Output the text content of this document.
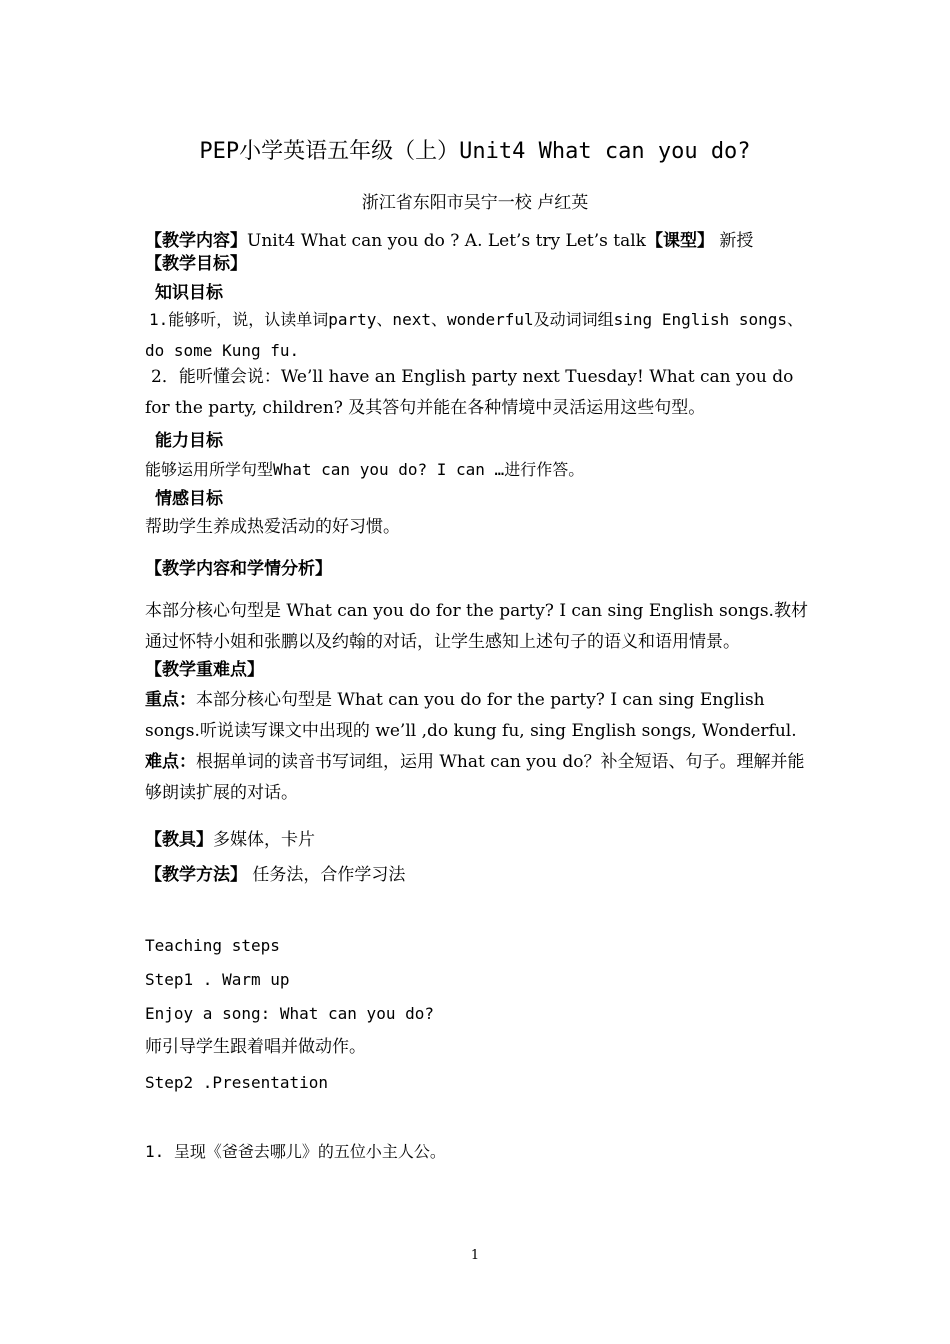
PEP小学英语五年级（上）Unit4 What can you do?
浙江省东阳市吴宁一校 卢红英
【教学内容】Unit4 What can you do ? A. Let’s try Let’s talk【课型】 新授
【教学目标】
知识目标
1.能够听，说，认读单词party、next、wonderful及动词词组sing English songs、do some Kung fu.
2．能听懂会说：We’ll have an English party next Tuesday! What can you do for the party, children? 及其答句并能在各种情境中灵活运用这些句型。
能力目标
能够运用所学句型What can you do? I can …进行作答。
情感目标
帮助学生养成热爱活动的好习惯。
【教学内容和学情分析】
本部分核心句型是 What can you do for the party? I can sing English songs.教材通过怀特小姐和张鹏以及约翰的对话，让学生感知上述句子的语义和语用情景。
【教学重难点】
重点：本部分核心句型是 What can you do for the party? I can sing English songs.听说读写课文中出现的 we’ll ,do kung fu, sing English songs, Wonderful.
难点：根据单词的读音书写词组，运用 What can you do？补全短语、句子。理解并能够朗读扩展的对话。
【教具】多媒体，卡片
【教学方法】 任务法，合作学习法
Teaching steps
Step1 . Warm up
Enjoy a song: What can you do?
师引导学生跟着唱并做动作。
Step2 .Presentation
1. 呈现《爸爸去哪儿》的五位小主人公。
1
